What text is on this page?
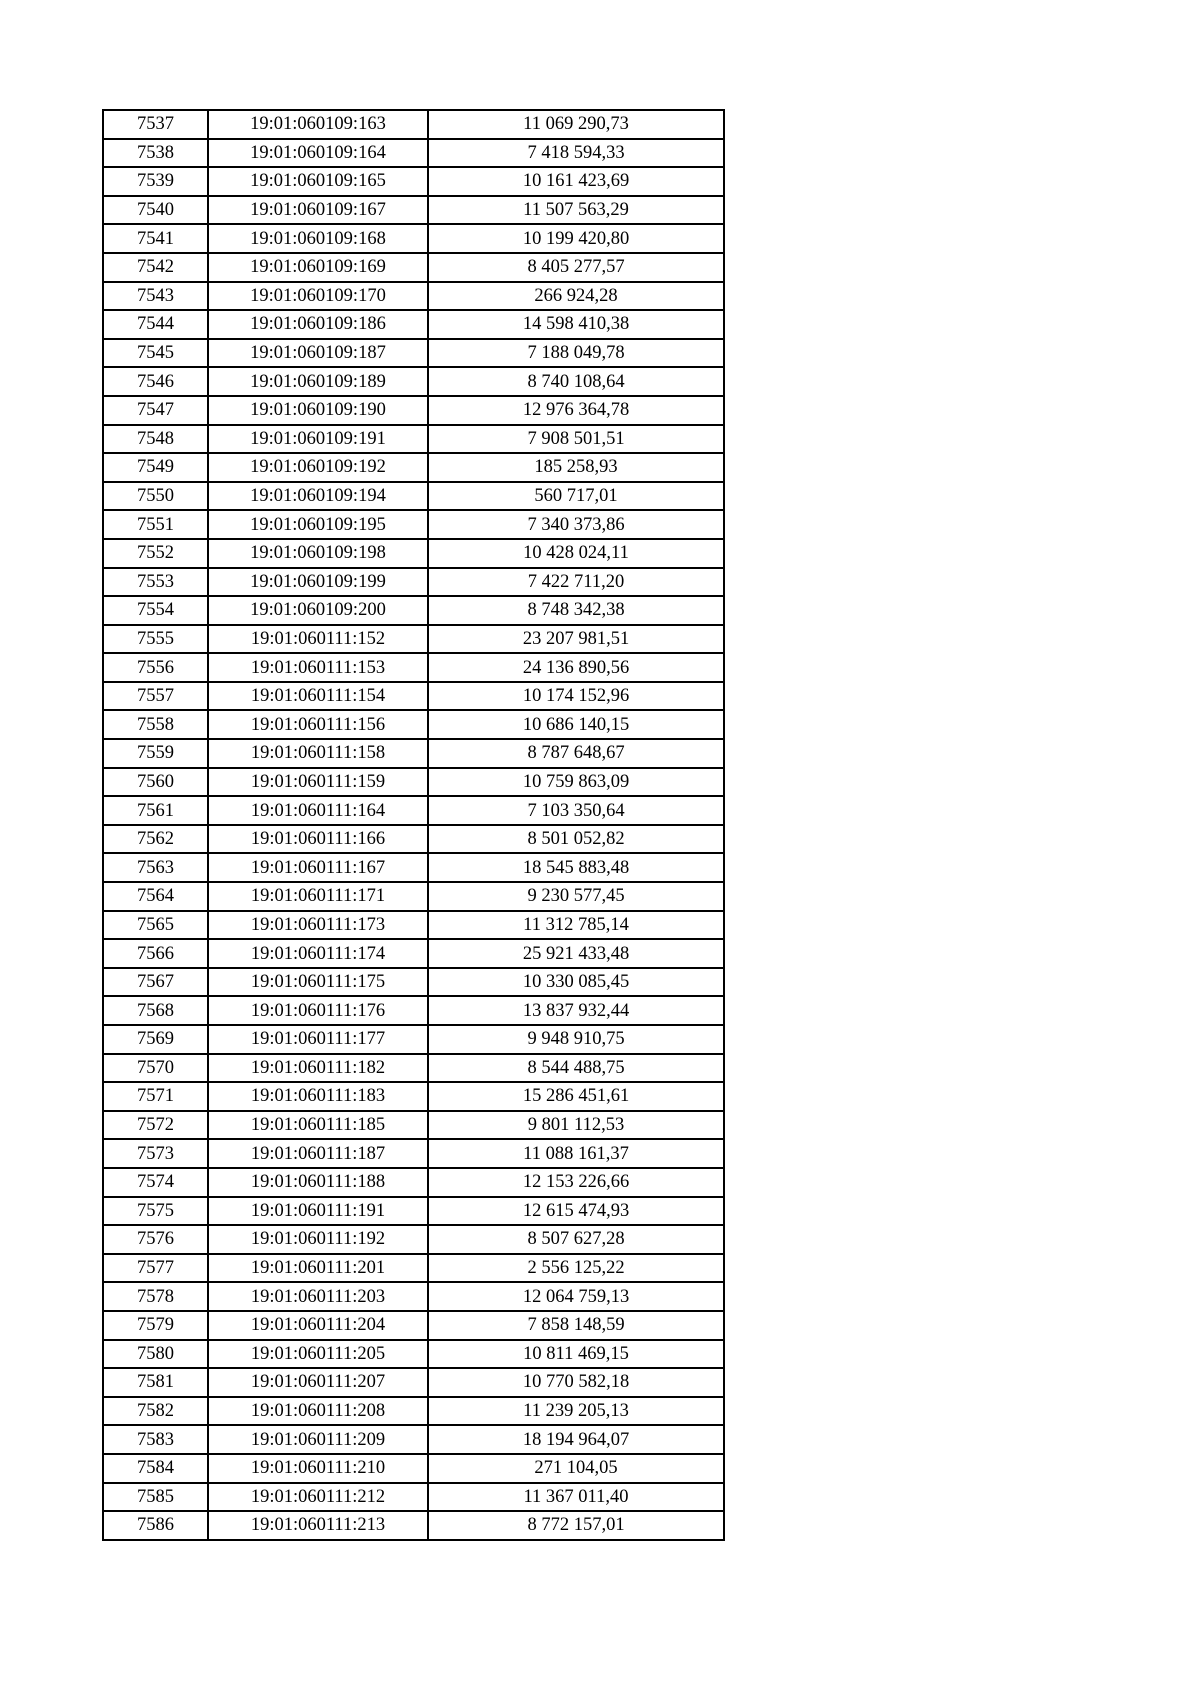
7537	19:01:060109:163	11 069 290,73
7538	19:01:060109:164	7 418 594,33
7539	19:01:060109:165	10 161 423,69
7540	19:01:060109:167	11 507 563,29
7541	19:01:060109:168	10 199 420,80
7542	19:01:060109:169	8 405 277,57
7543	19:01:060109:170	266 924,28
7544	19:01:060109:186	14 598 410,38
7545	19:01:060109:187	7 188 049,78
7546	19:01:060109:189	8 740 108,64
7547	19:01:060109:190	12 976 364,78
7548	19:01:060109:191	7 908 501,51
7549	19:01:060109:192	185 258,93
7550	19:01:060109:194	560 717,01
7551	19:01:060109:195	7 340 373,86
7552	19:01:060109:198	10 428 024,11
7553	19:01:060109:199	7 422 711,20
7554	19:01:060109:200	8 748 342,38
7555	19:01:060111:152	23 207 981,51
7556	19:01:060111:153	24 136 890,56
7557	19:01:060111:154	10 174 152,96
7558	19:01:060111:156	10 686 140,15
7559	19:01:060111:158	8 787 648,67
7560	19:01:060111:159	10 759 863,09
7561	19:01:060111:164	7 103 350,64
7562	19:01:060111:166	8 501 052,82
7563	19:01:060111:167	18 545 883,48
7564	19:01:060111:171	9 230 577,45
7565	19:01:060111:173	11 312 785,14
7566	19:01:060111:174	25 921 433,48
7567	19:01:060111:175	10 330 085,45
7568	19:01:060111:176	13 837 932,44
7569	19:01:060111:177	9 948 910,75
7570	19:01:060111:182	8 544 488,75
7571	19:01:060111:183	15 286 451,61
7572	19:01:060111:185	9 801 112,53
7573	19:01:060111:187	11 088 161,37
7574	19:01:060111:188	12 153 226,66
7575	19:01:060111:191	12 615 474,93
7576	19:01:060111:192	8 507 627,28
7577	19:01:060111:201	2 556 125,22
7578	19:01:060111:203	12 064 759,13
7579	19:01:060111:204	7 858 148,59
7580	19:01:060111:205	10 811 469,15
7581	19:01:060111:207	10 770 582,18
7582	19:01:060111:208	11 239 205,13
7583	19:01:060111:209	18 194 964,07
7584	19:01:060111:210	271 104,05
7585	19:01:060111:212	11 367 011,40
7586	19:01:060111:213	8 772 157,01
